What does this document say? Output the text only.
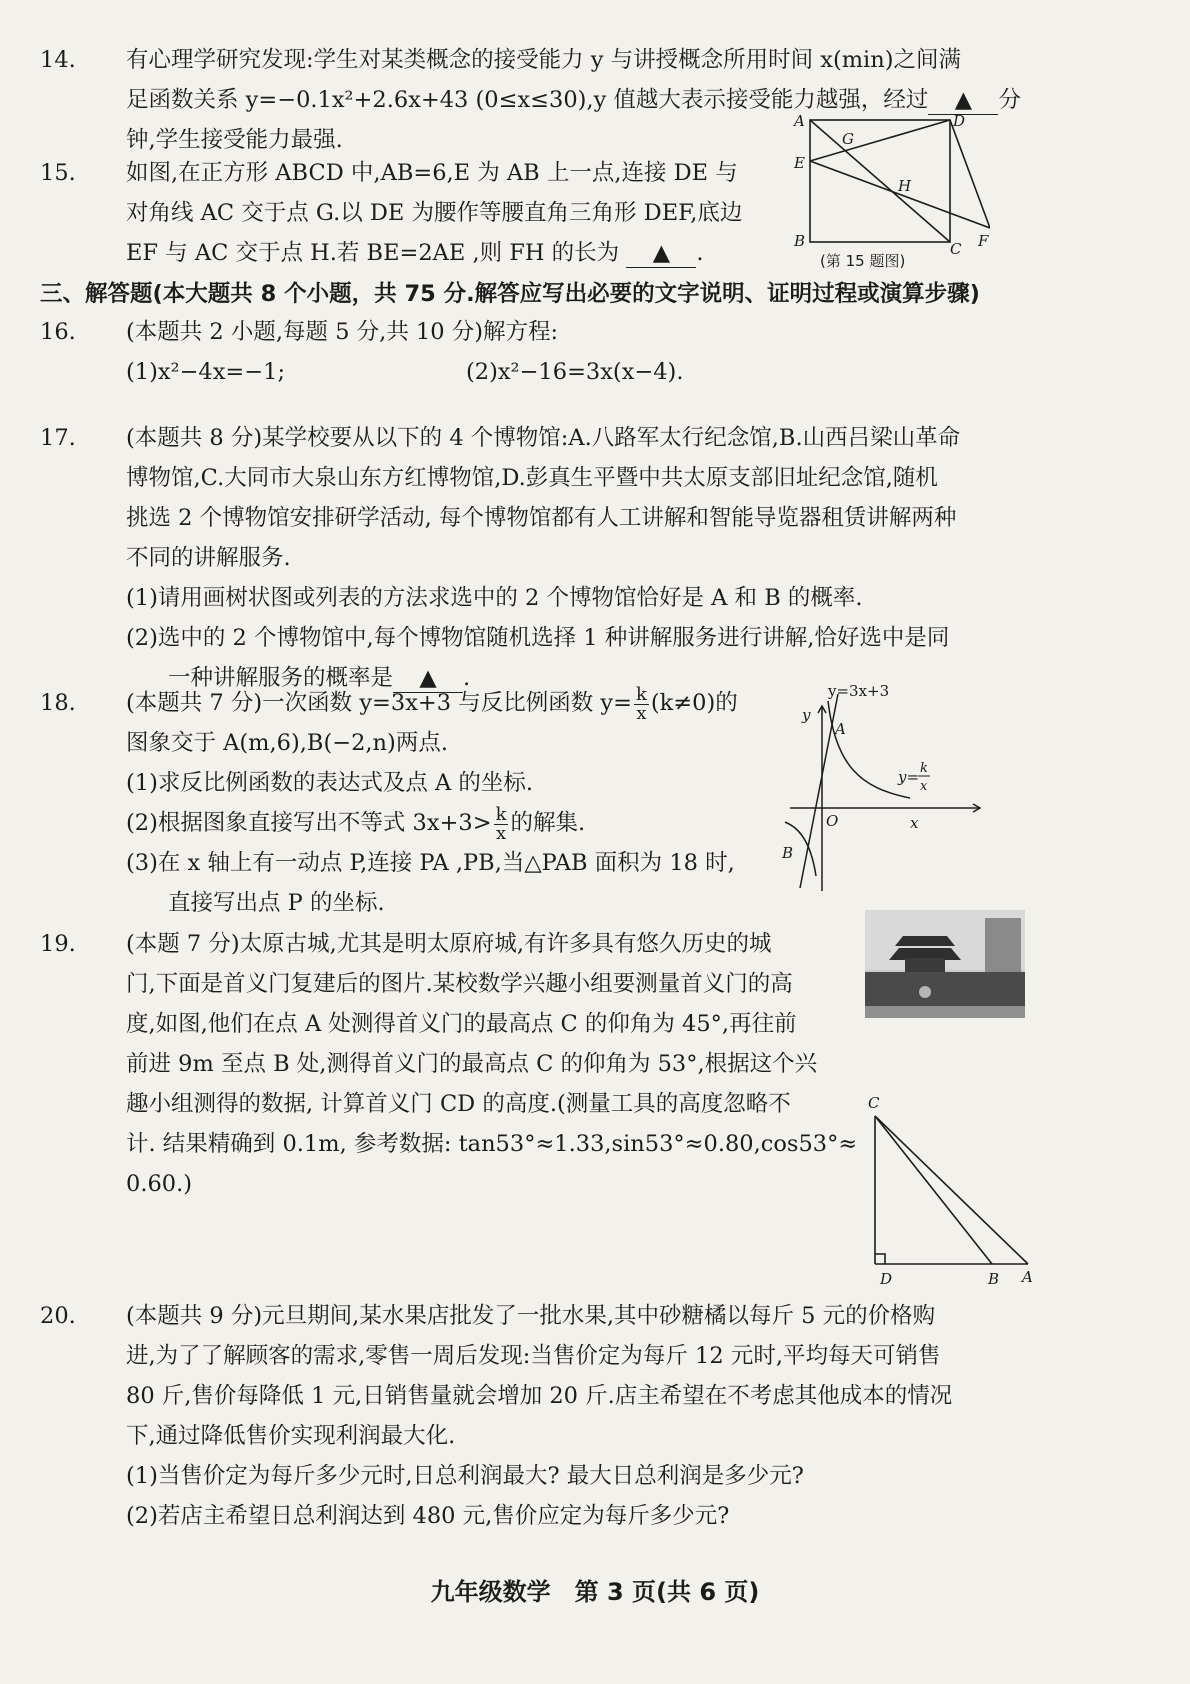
14. 有心理学研究发现:学生对某类概念的接受能力 y 与讲授概念所用时间 x(min)之间满
足函数关系 y=−0.1x²+2.6x+43 (0≤x≤30),y 值越大表示接受能力越强，经过 ▲ 分
钟,学生接受能力最强.
15. 如图,在正方形 ABCD 中,AB=6,E 为 AB 上一点,连接 DE 与
对角线 AC 交于点 G.以 DE 为腰作等腰直角三角形 DEF,底边
EF 与 AC 交于点 H.若 BE=2AE ,则 FH 的长为 ▲ .
A	D
E
G
H
B	C F
(第 15 题图)
三、解答题(本大题共 8 个小题，共 75 分.解答应写出必要的文字说明、证明过程或演算步骤)
16. (本题共 2 小题,每题 5 分,共 10 分)解方程:
(1)x²−4x=−1;	(2)x²−16=3x(x−4).
17. (本题共 8 分)某学校要从以下的 4 个博物馆:A.八路军太行纪念馆,B.山西吕梁山革命
博物馆,C.大同市大泉山东方红博物馆,D.彭真生平暨中共太原支部旧址纪念馆,随机
挑选 2 个博物馆安排研学活动, 每个博物馆都有人工讲解和智能导览器租赁讲解两种
不同的讲解服务.
(1)请用画树状图或列表的方法求选中的 2 个博物馆恰好是 A 和 B 的概率.
(2)选中的 2 个博物馆中,每个博物馆随机选择 1 种讲解服务进行讲解,恰好选中是同
一种讲解服务的概率是 ▲ .
18. (本题共 7 分)一次函数 y=3x+3 与反比例函数 $y= \frac{k}{x} (k\ne 0)$的
图象交于 A(m,6),B(−2,n)两点.
(1)求反比例函数的表达式及点 A 的坐标.
(2)根据图象直接写出不等式 $3x+3> \frac{k}{x}$ 的解集.
(3)在 x 轴上有一动点 P,连接 PA ,PB,当△PAB 面积为 18 时,
直接写出点 P 的坐标.
y=3x+3
y
A
O	x
B
y= k
x
19. (本题 7 分)太原古城,尤其是明太原府城,有许多具有悠久历史的城
门,下面是首义门复建后的图片.某校数学兴趣小组要测量首义门的高
度,如图,他们在点 A 处测得首义门的最高点 C 的仰角为 45°,再往前
前进 9m 至点 B 处,测得首义门的最高点 C 的仰角为 53°,根据这个兴
趣小组测得的数据, 计算首义门 CD 的高度.(测量工具的高度忽略不
计. 结果精确到 0.1m, 参考数据: tan53°≈1.33,sin53°≈0.80,cos53°≈
0.60.)
C
D	B A
20. (本题共 9 分)元旦期间,某水果店批发了一批水果,其中砂糖橘以每斤 5 元的价格购
进,为了了解顾客的需求,零售一周后发现:当售价定为每斤 12 元时,平均每天可销售
80 斤,售价每降低 1 元,日销售量就会增加 20 斤.店主希望在不考虑其他成本的情况
下,通过降低售价实现利润最大化.
(1)当售价定为每斤多少元时,日总利润最大? 最大日总利润是多少元?
(2)若店主希望日总利润达到 480 元,售价应定为每斤多少元?
九年级数学　第 3 页(共 6 页)
